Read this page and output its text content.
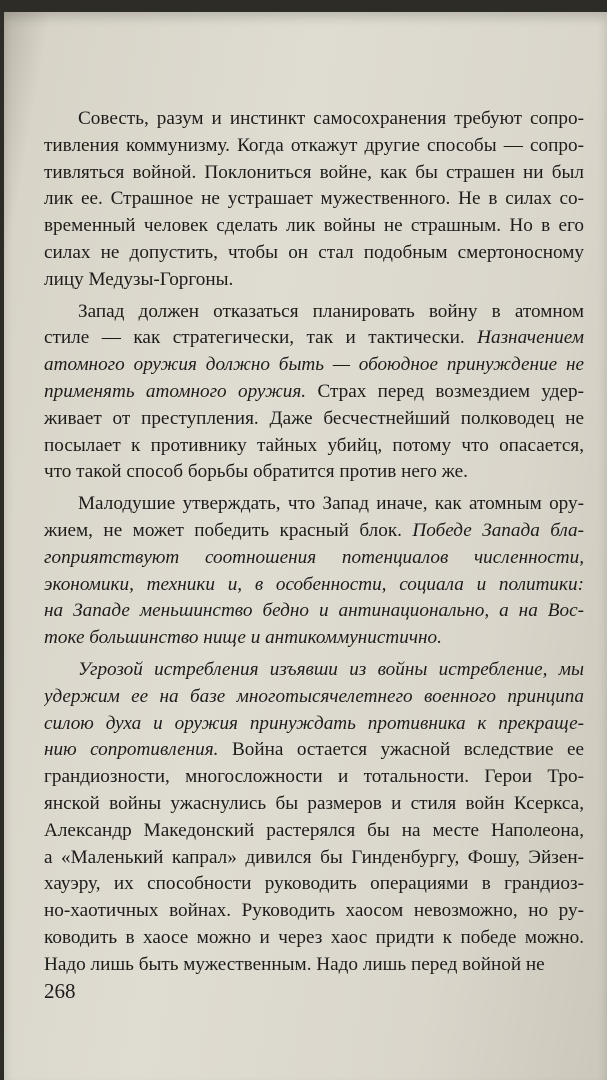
Совесть, разум и инстинкт самосохранения требуют сопро-
тивления коммунизму. Когда откажут другие способы — сопро-
тивляться войной. Поклониться войне, как бы страшен ни был
лик ее. Страшное не устрашает мужественного. Не в силах со-
временный человек сделать лик войны не страшным. Но в его
силах не допустить, чтобы он стал подобным смертоносному
лицу Медузы-Горгоны.
Запад должен отказаться планировать войну в атомном
стиле — как стратегически, так и тактически. Назначением
атомного оружия должно быть — обоюдное принуждение не
применять атомного оружия. Страх перед возмездием удер-
живает от преступления. Даже бесчестнейший полководец не
посылает к противнику тайных убийц, потому что опасается,
что такой способ борьбы обратится против него же.
Малодушие утверждать, что Запад иначе, как атомным ору-
жием, не может победить красный блок. Победе Запада бла-
гоприятствуют соотношения потенциалов численности,
экономики, техники и, в особенности, социала и политики:
на Западе меньшинство бедно и антинационально, а на Вос-
токе большинство нище и антикоммунистично.
Угрозой истребления изъявши из войны истребление, мы
удержим ее на базе многотысячелетнего военного принципа
силою духа и оружия принуждать противника к прекраще-
нию сопротивления. Война остается ужасной вследствие ее
грандиозности, многосложности и тотальности. Герои Тро-
янской войны ужаснулись бы размеров и стиля войн Ксеркса,
Александр Македонский растерялся бы на месте Наполеона,
а «Маленький капрал» дивился бы Гинденбургу, Фошу, Эйзен-
хауэру, их способности руководить операциями в грандиоз-
но-хаотичных войнах. Руководить хаосом невозможно, но ру-
ководить в хаосе можно и через хаос придти к победе можно.
Надо лишь быть мужественным. Надо лишь перед войной не
268
